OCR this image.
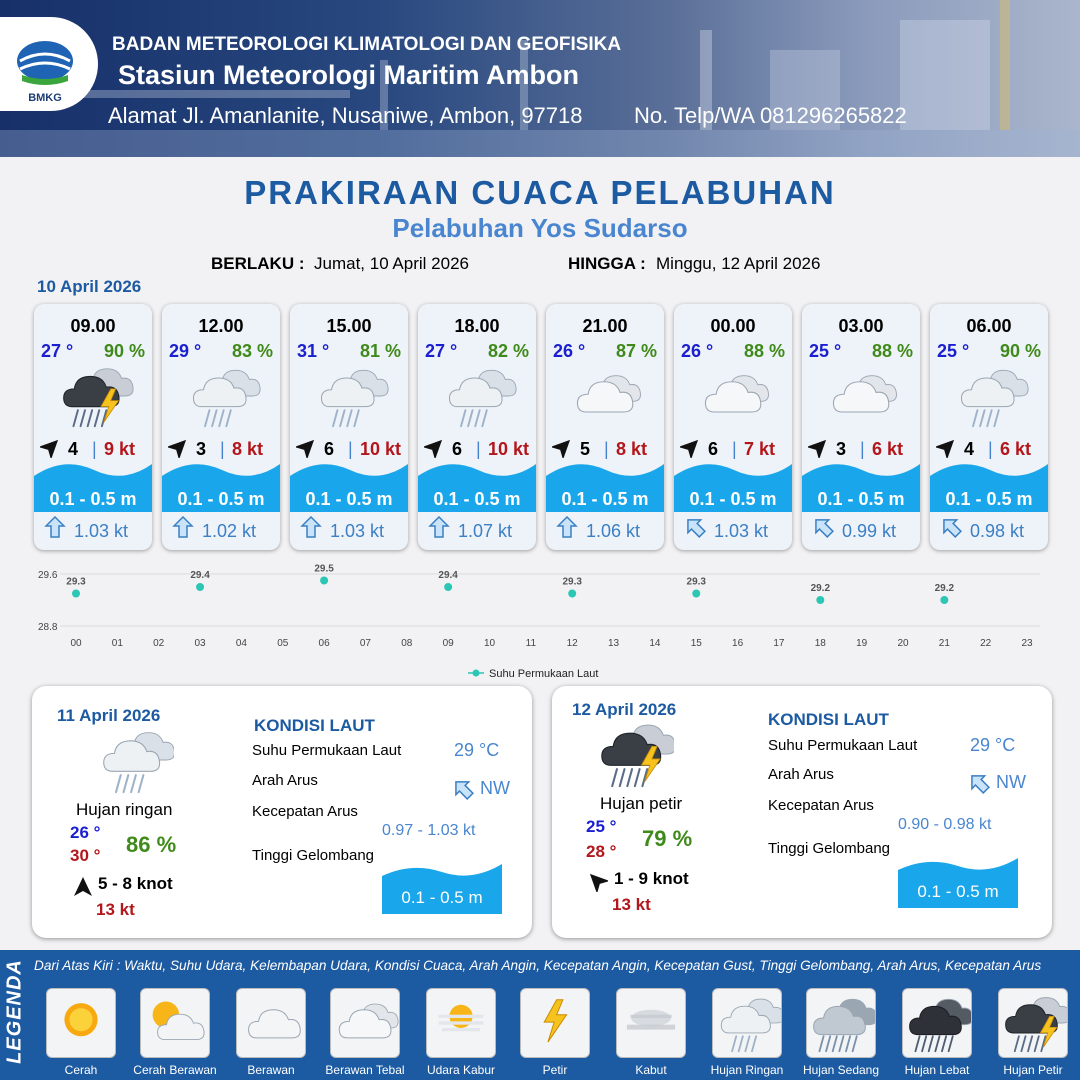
BMKG
BADAN METEOROLOGI KLIMATOLOGI DAN GEOFISIKA
Stasiun Meteorologi Maritim Ambon
Alamat Jl. Amanlanite, Nusaniwe, Ambon, 97718 No. Telp/WA 081296265822
PRAKIRAAN CUACA PELABUHAN
Pelabuhan Yos Sudarso
BERLAKU : Jumat, 10 April 2026	HINGGA : Minggu, 12 April 2026
10 April 2026
09.00
27 ° 90 %
4 | 9 kt
0.1 - 0.5 m
1.03 kt
12.00
29 ° 83 %
3 | 8 kt
0.1 - 0.5 m
1.02 kt
15.00
31 ° 81 %
6 | 10 kt
0.1 - 0.5 m
1.03 kt
18.00
27 ° 82 %
6 | 10 kt
0.1 - 0.5 m
1.07 kt
21.00
26 ° 87 %
5 | 8 kt
0.1 - 0.5 m
1.06 kt
00.00
26 ° 88 %
6 | 7 kt
0.1 - 0.5 m
1.03 kt
03.00
25 ° 88 %
3 | 6 kt
0.1 - 0.5 m
0.99 kt
06.00
25 ° 90 %
4 | 6 kt
0.1 - 0.5 m
0.98 kt
29.6
28.8
00	01	02	03	04	05	06	07	08	09	10	11	12	13	14	15	16	17	18	19	20	21	22	23
29.3
29.4
29.5
29.4
29.3	29.3
29.2	29.2
Suhu Permukaan Laut
11 April 2026
Hujan ringan
26 °
30 ° 86 %
5 - 8 knot
13 kt
KONDISI LAUT
Suhu Permukaan Laut	29 °C
Arah Arus	NW
Kecepatan Arus
0.97 - 1.03 kt
Tinggi Gelombang
0.1 - 0.5 m
12 April 2026
Hujan petir
25 °
28 °
79 %
1 - 9 knot
13 kt
KONDISI LAUT
Suhu Permukaan Laut	29 °C
Arah Arus	NW
Kecepatan Arus
0.90 - 0.98 kt
Tinggi Gelombang
0.1 - 0.5 m
LEGENDA Dari Atas Kiri : Waktu, Suhu Udara, Kelembapan Udara, Kondisi Cuaca, Arah Angin, Kecepatan Angin, Kecepatan Gust, Tinggi Gelombang, Arah Arus, Kecepatan Arus
Cerah	Cerah Berawan	Berawan	Berawan Tebal	Udara Kabur	Petir	Kabut	Hujan Ringan	Hujan Sedang	Hujan Lebat	Hujan Petir
